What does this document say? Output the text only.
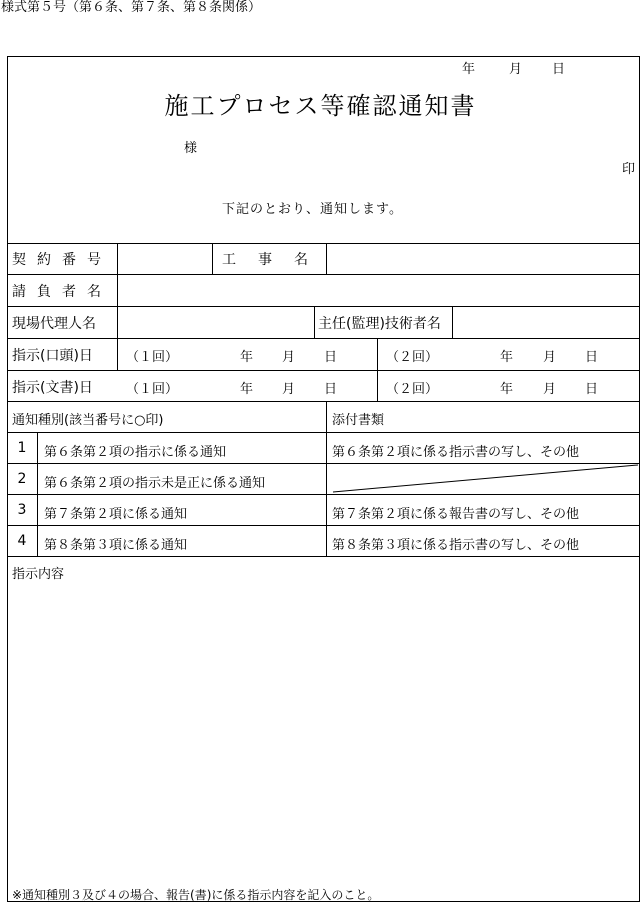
様式第５号（第６条、第７条、第８条関係）
年	月 日
施工プロセス等確認通知書
様
印
下記のとおり、通知します。
契約番号	工事名
請負者名
現場代理人名	主任(監理)技術者名
指示(口頭)日	（１回）	年 月 日	（２回）	年 月 日
指示(文書)日	（１回）	年 月 日	（２回）	年 月 日
通知種別(該当番号に○印)	添付書類
1	第６条第２項の指示に係る通知	第６条第２項に係る指示書の写し、その他
2	第６条第２項の指示未是正に係る通知
3	第７条第２項に係る通知	第７条第２項に係る報告書の写し、その他
4	第８条第３項に係る通知	第８条第３項に係る指示書の写し、その他
指示内容
※通知種別３及び４の場合、報告(書)に係る指示内容を記入のこと。
